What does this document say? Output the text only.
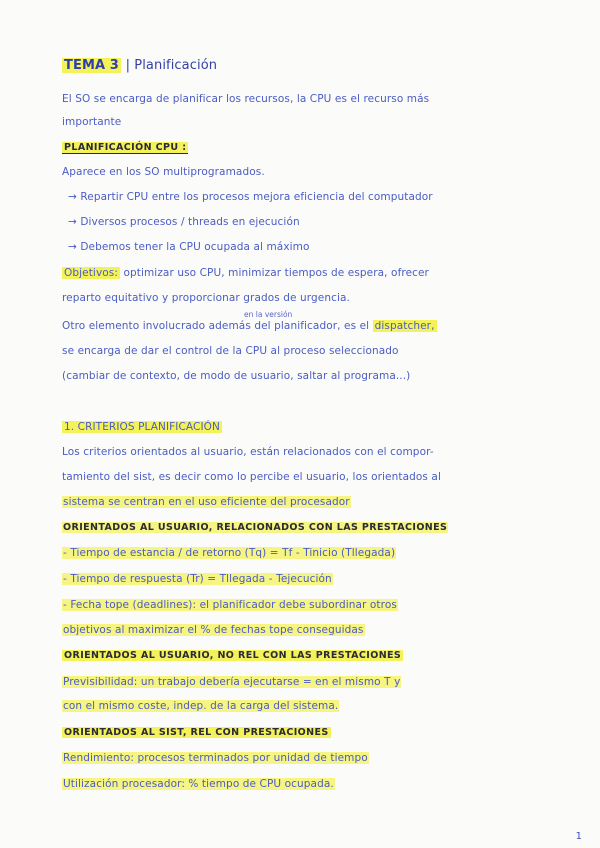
TEMA 3 | Planificación
El SO se encarga de planificar los recursos, la CPU es el recurso más
importante
PLANIFICACIÓN CPU :
Aparece en los SO multiprogramados.
→ Repartir CPU entre los procesos mejora eficiencia del computador
→ Diversos procesos / threads en ejecución
→ Debemos tener la CPU ocupada al máximo
Objetivos: optimizar uso CPU, minimizar tiempos de espera, ofrecer
reparto equitativo y proporcionar grados de urgencia.
en la versión
Otro elemento involucrado además del planificador, es el dispatcher,
se encarga de dar el control de la CPU al proceso seleccionado
(cambiar de contexto, de modo de usuario, saltar al programa...)
1. CRITERIOS PLANIFICACIÓN
Los criterios orientados al usuario, están relacionados con el compor-
tamiento del sist, es decir como lo percibe el usuario, los orientados al
sistema se centran en el uso eficiente del procesador
ORIENTADOS AL USUARIO, RELACIONADOS CON LAS PRESTACIONES
- Tiempo de estancia / de retorno (Tq) = Tf - Tinicio (Tllegada)
- Tiempo de respuesta (Tr) = Tllegada - Tejecución
- Fecha tope (deadlines): el planificador debe subordinar otros
objetivos al maximizar el % de fechas tope conseguidas
ORIENTADOS AL USUARIO, NO REL CON LAS PRESTACIONES
Previsibilidad: un trabajo debería ejecutarse = en el mismo T y
con el mismo coste, indep. de la carga del sistema.
ORIENTADOS AL SIST, REL CON PRESTACIONES
Rendimiento: procesos terminados por unidad de tiempo
Utilización procesador: % tiempo de CPU ocupada.
1
